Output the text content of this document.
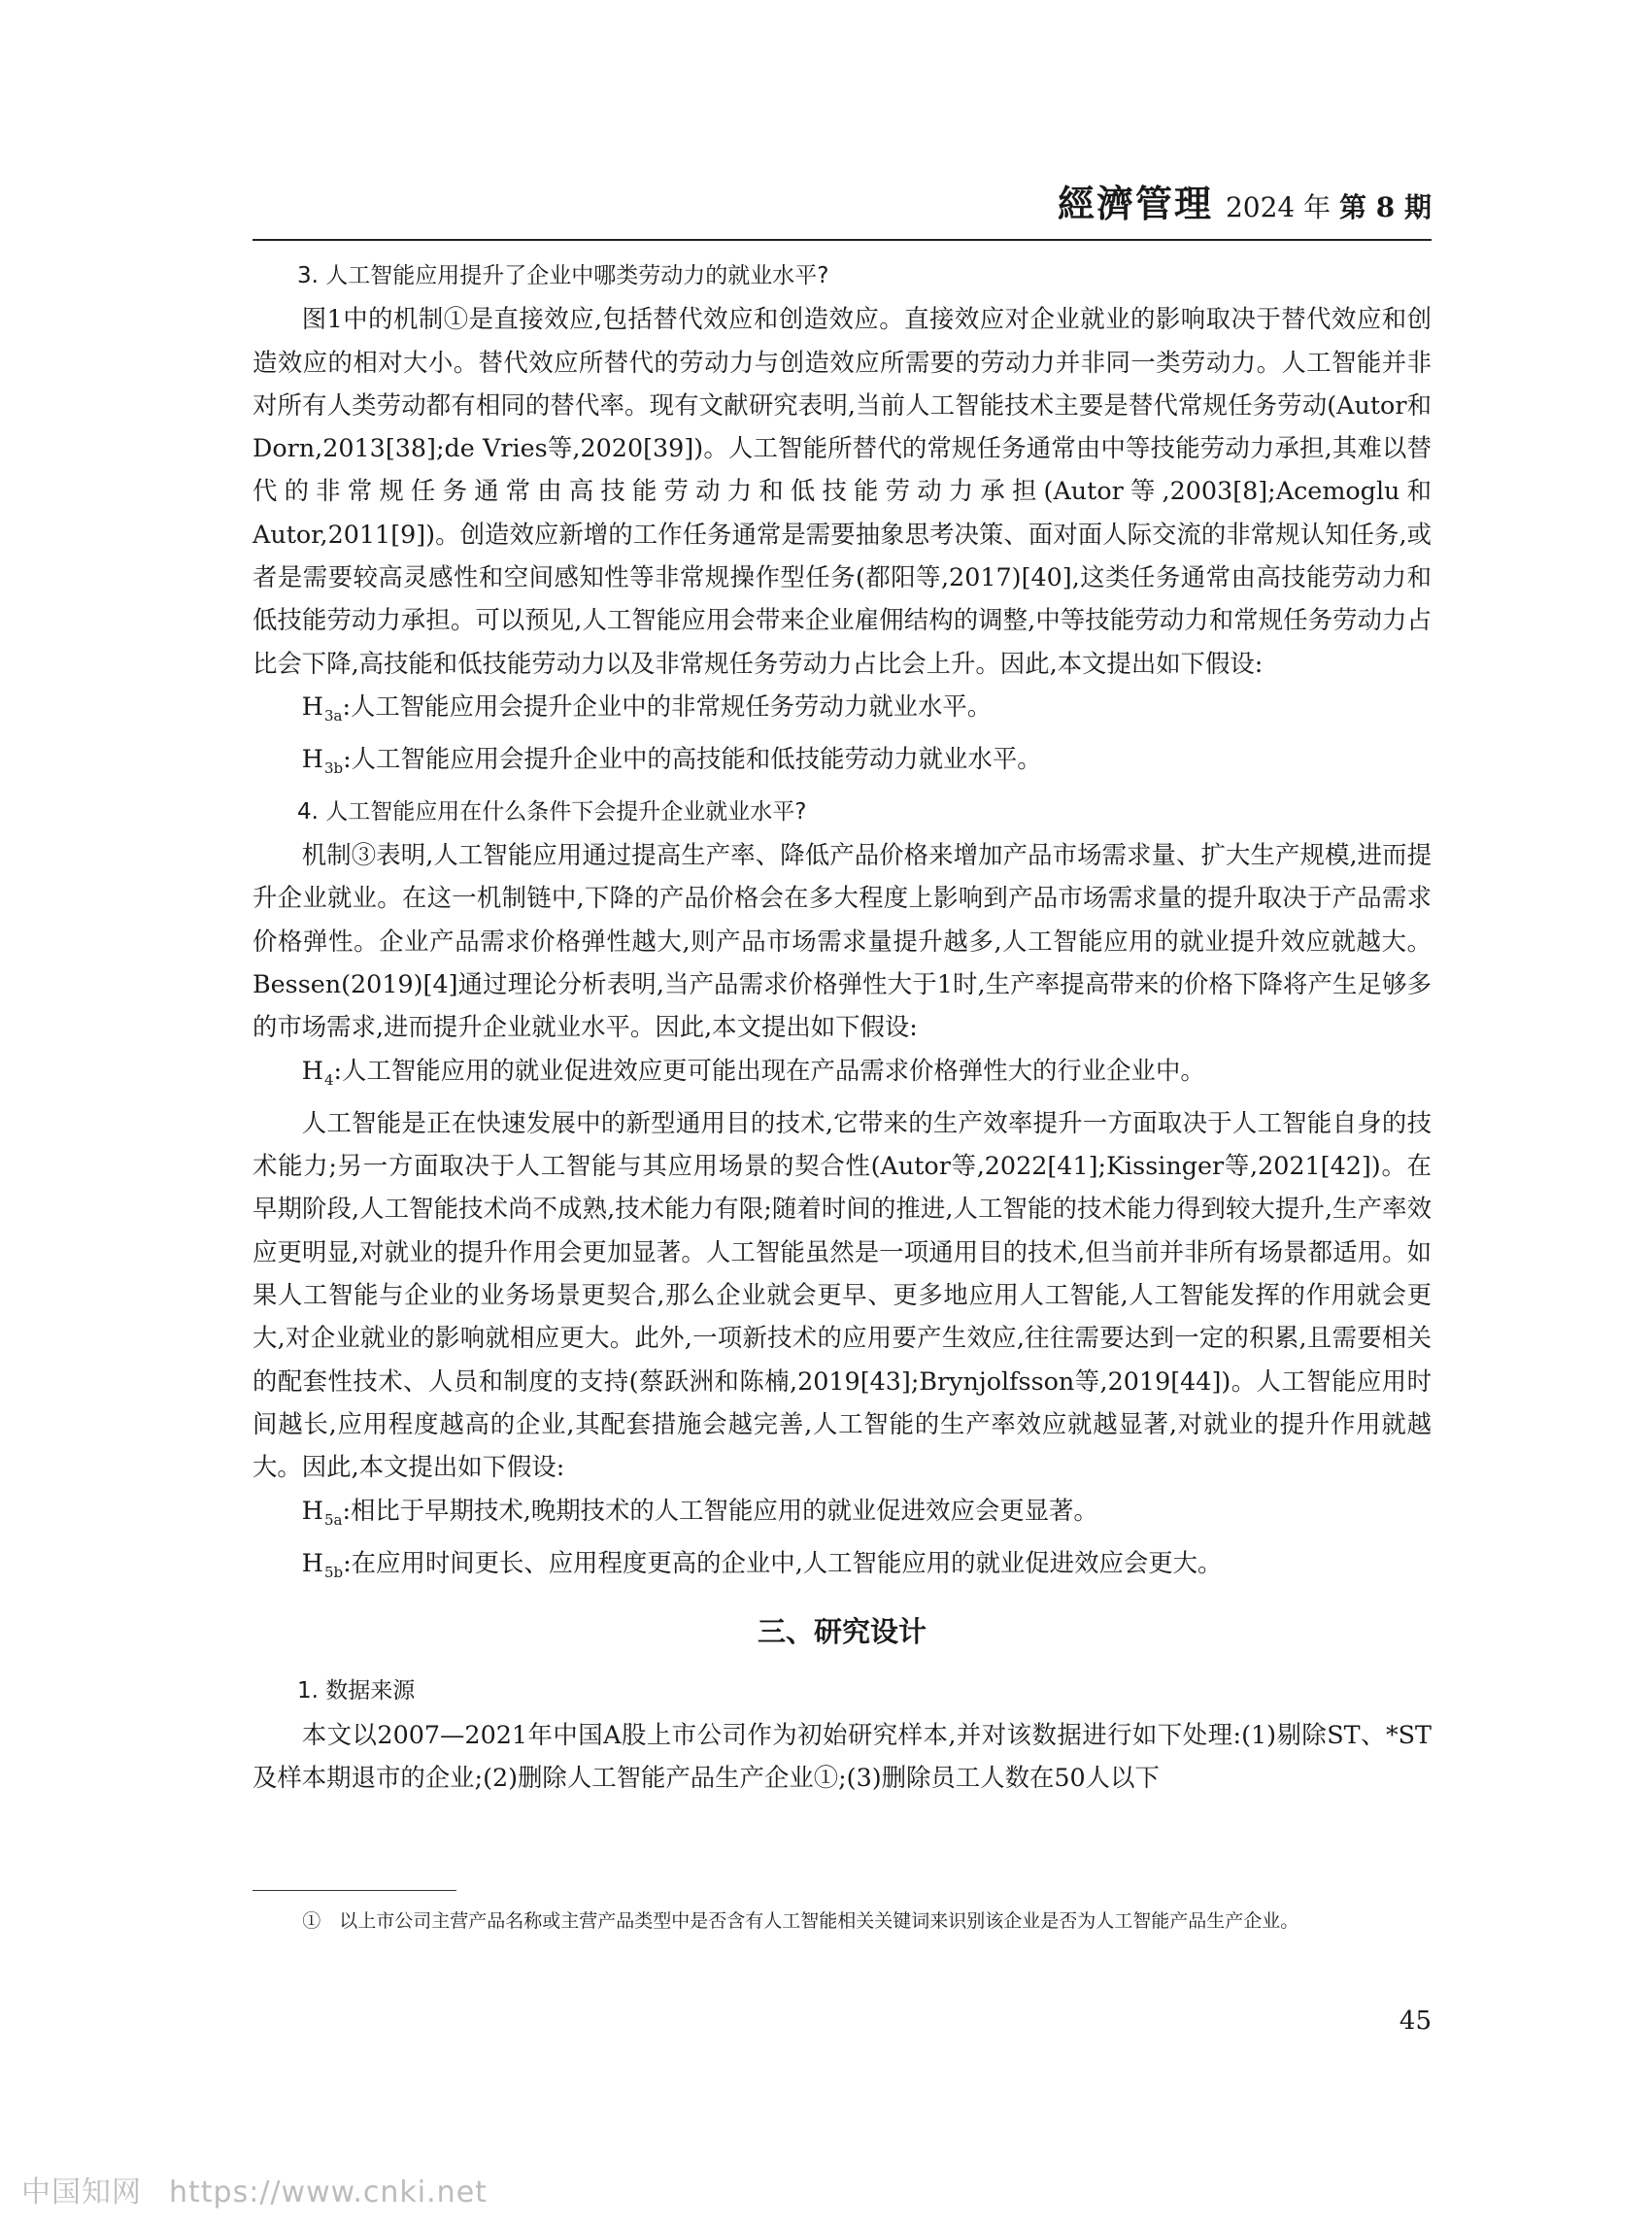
經濟管理 2024 年 第 8 期

3. 人工智能应用提升了企业中哪类劳动力的就业水平?

图1中的机制①是直接效应,包括替代效应和创造效应。直接效应对企业就业的影响取决于替代效应和创造效应的相对大小。替代效应所替代的劳动力与创造效应所需要的劳动力并非同一类劳动力。人工智能并非对所有人类劳动都有相同的替代率。现有文献研究表明,当前人工智能技术主要是替代常规任务劳动(Autor和Dorn,2013[38];de Vries等,2020[39])。人工智能所替代的常规任务通常由中等技能劳动力承担,其难以替代的非常规任务通常由高技能劳动力和低技能劳动力承担(Autor等,2003[8];Acemoglu和Autor,2011[9])。创造效应新增的工作任务通常是需要抽象思考决策、面对面人际交流的非常规认知任务,或者是需要较高灵感性和空间感知性等非常规操作型任务(都阳等,2017)[40],这类任务通常由高技能劳动力和低技能劳动力承担。可以预见,人工智能应用会带来企业雇佣结构的调整,中等技能劳动力和常规任务劳动力占比会下降,高技能和低技能劳动力以及非常规任务劳动力占比会上升。因此,本文提出如下假设:

$H_{3a}$:人工智能应用会提升企业中的非常规任务劳动力就业水平。

$H_{3b}$:人工智能应用会提升企业中的高技能和低技能劳动力就业水平。

4. 人工智能应用在什么条件下会提升企业就业水平?

机制③表明,人工智能应用通过提高生产率、降低产品价格来增加产品市场需求量、扩大生产规模,进而提升企业就业。在这一机制链中,下降的产品价格会在多大程度上影响到产品市场需求量的提升取决于产品需求价格弹性。企业产品需求价格弹性越大,则产品市场需求量提升越多,人工智能应用的就业提升效应就越大。Bessen(2019)[4]通过理论分析表明,当产品需求价格弹性大于1时,生产率提高带来的价格下降将产生足够多的市场需求,进而提升企业就业水平。因此,本文提出如下假设:

$H_4$:人工智能应用的就业促进效应更可能出现在产品需求价格弹性大的行业企业中。

人工智能是正在快速发展中的新型通用目的技术,它带来的生产效率提升一方面取决于人工智能自身的技术能力;另一方面取决于人工智能与其应用场景的契合性(Autor等,2022[41];Kissinger等,2021[42])。在早期阶段,人工智能技术尚不成熟,技术能力有限;随着时间的推进,人工智能的技术能力得到较大提升,生产率效应更明显,对就业的提升作用会更加显著。人工智能虽然是一项通用目的技术,但当前并非所有场景都适用。如果人工智能与企业的业务场景更契合,那么企业就会更早、更多地应用人工智能,人工智能发挥的作用就会更大,对企业就业的影响就相应更大。此外,一项新技术的应用要产生效应,往往需要达到一定的积累,且需要相关的配套性技术、人员和制度的支持(蔡跃洲和陈楠,2019[43];Brynjolfsson等,2019[44])。人工智能应用时间越长,应用程度越高的企业,其配套措施会越完善,人工智能的生产率效应就越显著,对就业的提升作用就越大。因此,本文提出如下假设:

$H_{5a}$:相比于早期技术,晚期技术的人工智能应用的就业促进效应会更显著。

$H_{5b}$:在应用时间更长、应用程度更高的企业中,人工智能应用的就业促进效应会更大。

三、研究设计

1. 数据来源

本文以2007—2021年中国A股上市公司作为初始研究样本,并对该数据进行如下处理:(1)剔除ST、*ST及样本期退市的企业;(2)删除人工智能产品生产企业①;(3)删除员工人数在50人以下

①　以上市公司主营产品名称或主营产品类型中是否含有人工智能相关关键词来识别该企业是否为人工智能产品生产企业。

45
中国知网 https://www.cnki.net
